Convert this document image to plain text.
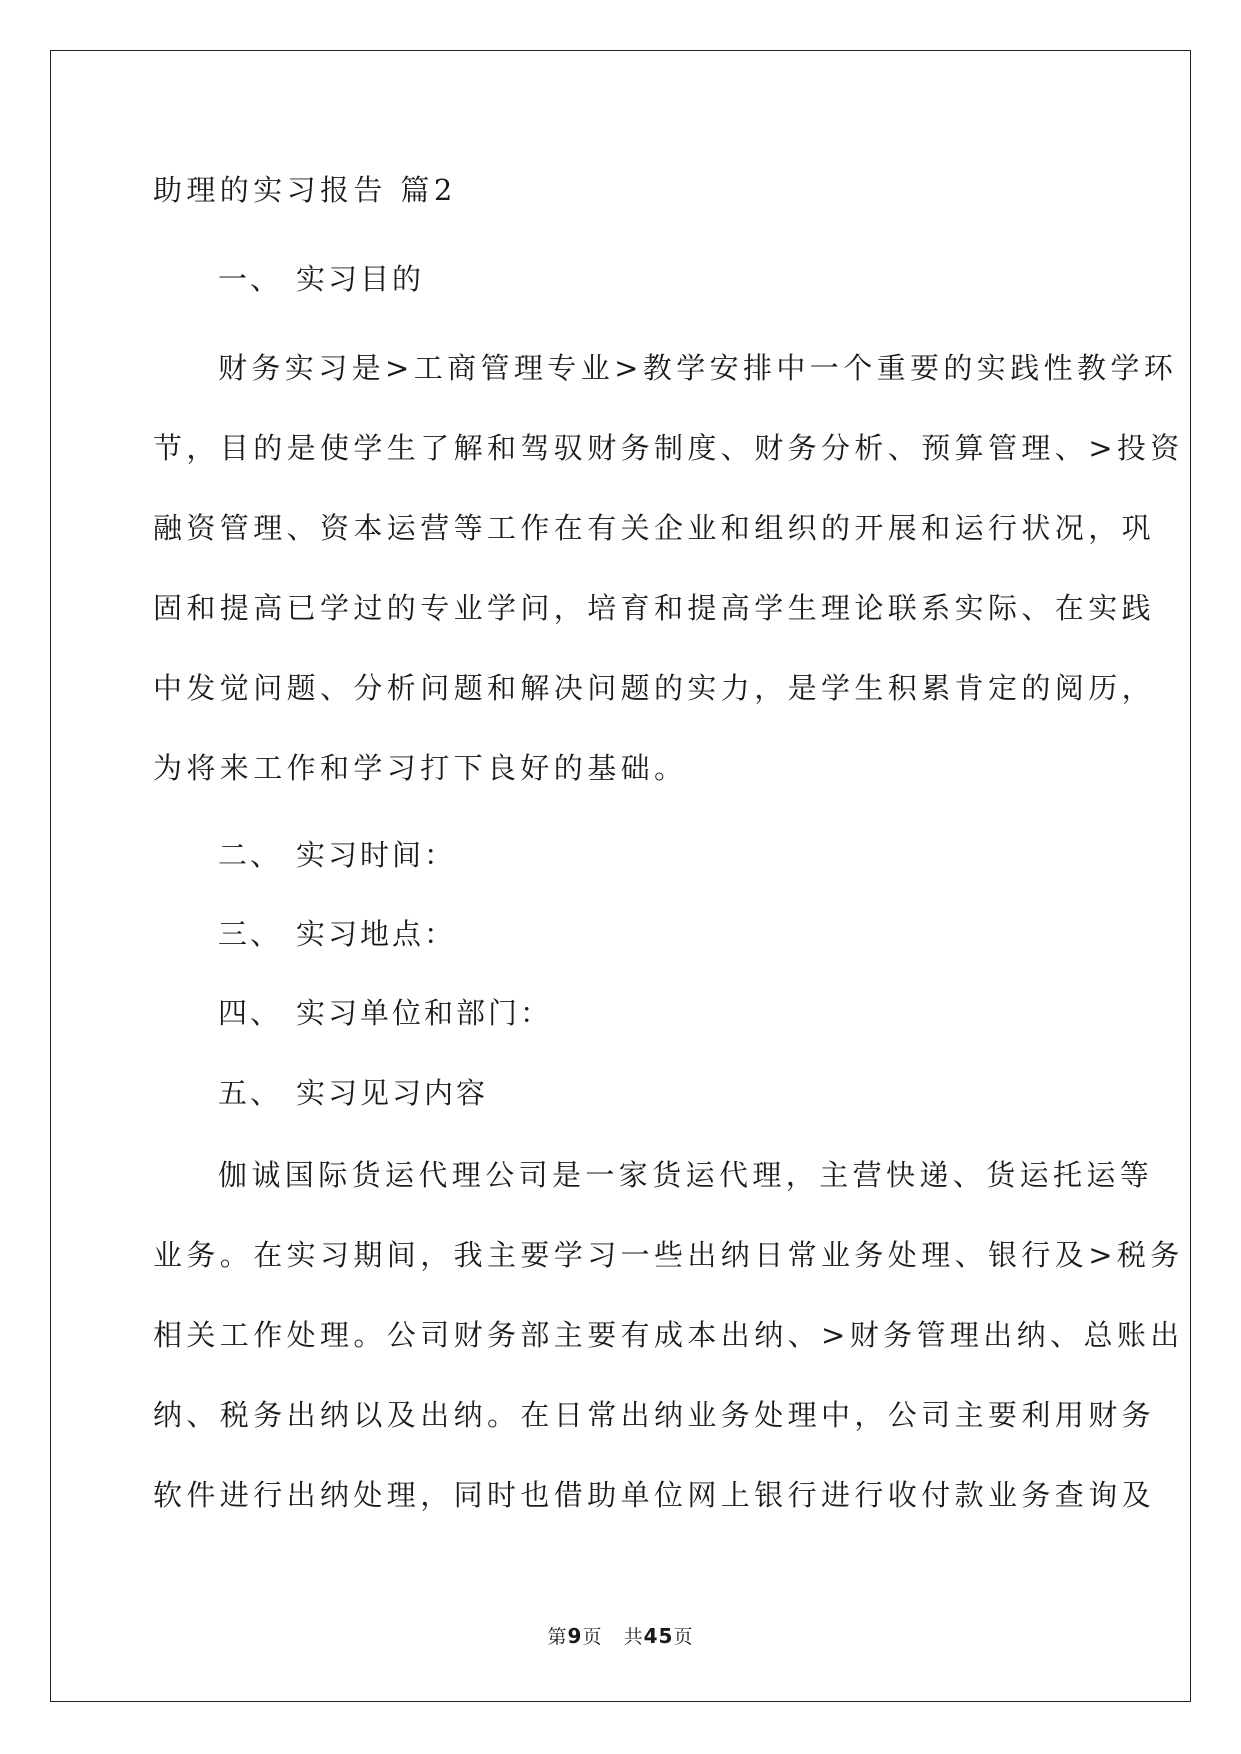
助理的实习报告 篇2
一、 实习目的
财务实习是>工商管理专业>教学安排中一个重要的实践性教学环
节，目的是使学生了解和驾驭财务制度、财务分析、预算管理、>投资
融资管理、资本运营等工作在有关企业和组织的开展和运行状况，巩
固和提高已学过的专业学问，培育和提高学生理论联系实际、在实践
中发觉问题、分析问题和解决问题的实力，是学生积累肯定的阅历，
为将来工作和学习打下良好的基础。
二、 实习时间：
三、 实习地点：
四、 实习单位和部门：
五、 实习见习内容
伽诚国际货运代理公司是一家货运代理，主营快递、货运托运等
业务。在实习期间，我主要学习一些出纳日常业务处理、银行及>税务
相关工作处理。公司财务部主要有成本出纳、>财务管理出纳、总账出
纳、税务出纳以及出纳。在日常出纳业务处理中，公司主要利用财务
软件进行出纳处理，同时也借助单位网上银行进行收付款业务查询及
第9页 共45页
